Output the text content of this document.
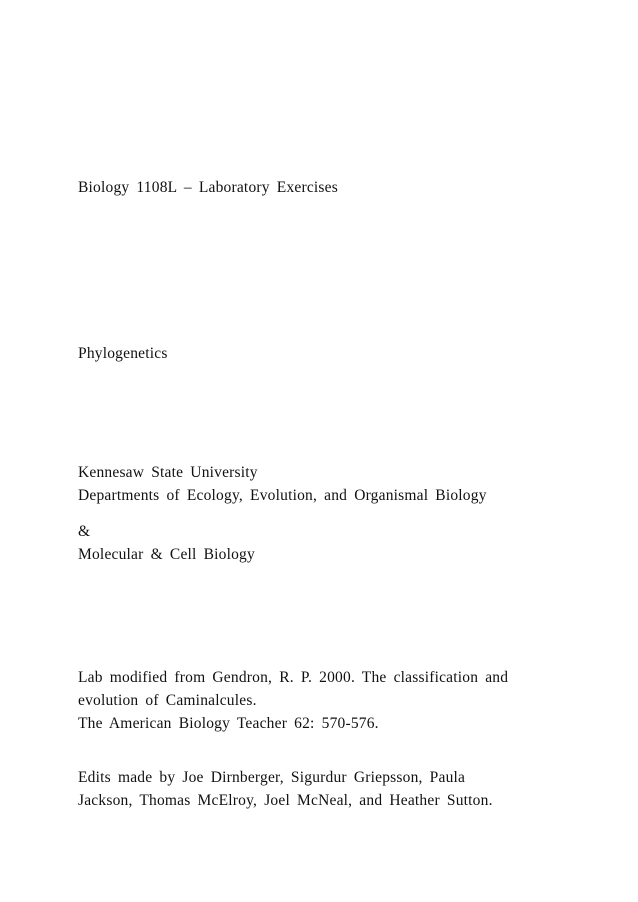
Biology 1108L – Laboratory Exercises
Phylogenetics
Kennesaw State University
Departments of Ecology, Evolution, and Organismal Biology
&
Molecular & Cell Biology
Lab modified from Gendron, R. P. 2000. The classification and
evolution of Caminalcules.
The American Biology Teacher 62: 570-576.
Edits made by Joe Dirnberger, Sigurdur Griepsson, Paula
Jackson, Thomas McElroy, Joel McNeal, and Heather Sutton.
